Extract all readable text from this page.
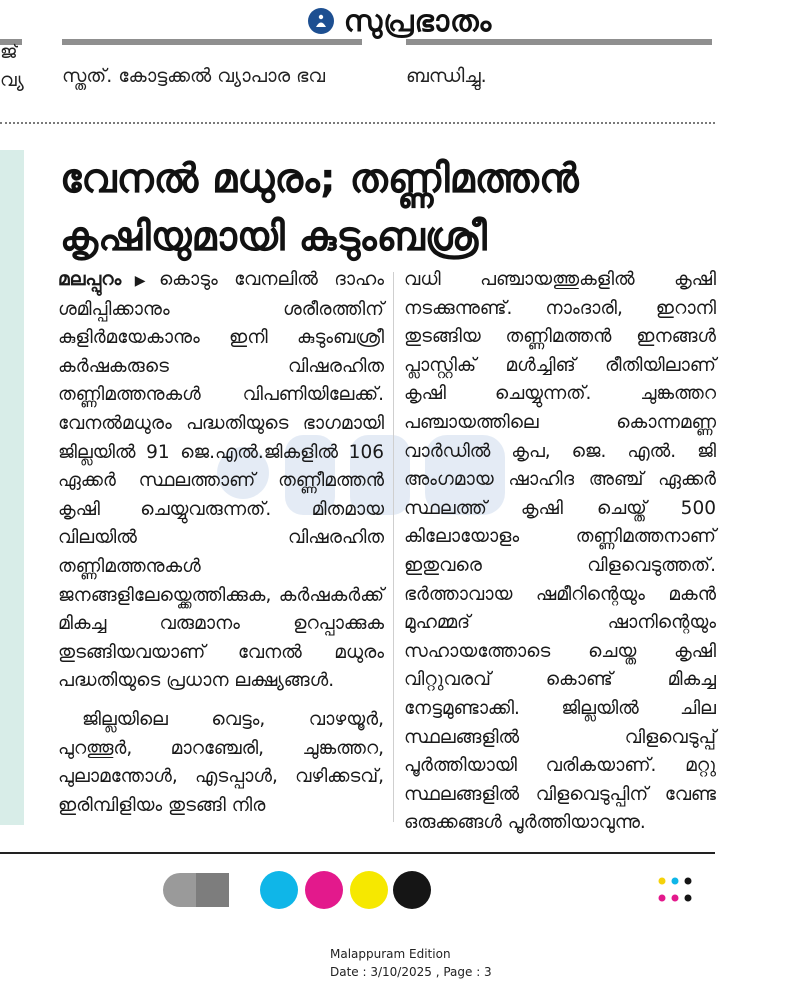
സുപ്രഭാതം
ജ്
വ്യ സ്തത്. കോട്ടക്കൽ വ്യാപാര ഭവ	ബന്ധിച്ചു.
വേനൽ മധുരം; തണ്ണിമത്തൻ
കൃഷിയുമായി കുടുംബശ്രീ

മലപ്പുറം ▶ കൊടും വേനലിൽ ദാഹം ശമിപ്പിക്കാനും ശരീരത്തിന് കുളിർമയേകാനും ഇനി കുടുംബശ്രീ കർഷകരുടെ വിഷരഹിത തണ്ണിമത്തനുകൾ വിപണിയിലേക്ക്. വേനൽമധുരം പദ്ധതിയുടെ ഭാഗമായി ജില്ലയിൽ 91 ജെ.എൽ.ജികളിൽ 106 ഏക്കർ സ്ഥലത്താണ് തണ്ണീമത്തൻ കൃഷി ചെയ്യുവരുന്നത്. മിതമായ വിലയിൽ വിഷരഹിത തണ്ണിമത്തനുകൾ ജനങ്ങളിലേയ്ക്കെത്തിക്കുക, കർഷകർക്ക് മികച്ച വരുമാനം ഉറപ്പാക്കുക തുടങ്ങിയവയാണ് വേനൽ മധുരം പദ്ധതിയുടെ പ്രധാന ലക്ഷ്യങ്ങൾ.

ജില്ലയിലെ വെട്ടം, വാഴയൂർ, പുറത്തൂർ, മാറഞ്ചേരി, ചുങ്കത്തറ, പുലാമന്തോൾ, എടപ്പാൾ, വഴിക്കടവ്, ഇരിമ്പിളിയം തുടങ്ങി നിര

വധി പഞ്ചായത്തുകളിൽ കൃഷി നടക്കുന്നുണ്ട്. നാംദാരി, ഇറാനി തുടങ്ങിയ തണ്ണിമത്തൻ ഇനങ്ങൾ പ്ലാസ്റ്റിക് മൾച്ചിങ് രീതിയിലാണ് കൃഷി ചെയ്യുന്നത്. ചുങ്കത്തറ പഞ്ചായത്തിലെ കൊന്നമണ്ണ വാർഡിൽ കൃപ, ജെ. എൽ. ജി അംഗമായ ഷാഹിദ അഞ്ച് ഏക്കർ സ്ഥലത്ത് കൃഷി ചെയ്ത് 500 കിലോയോളം തണ്ണിമത്തനാണ് ഇതുവരെ വിളവെടുത്തത്. ഭർത്താവായ ഷമീറിന്റെയും മകൻ മുഹമ്മദ് ഷാനിന്റെയും സഹായത്തോടെ ചെയ്ത കൃഷി വിറ്റുവരവ് കൊണ്ട് മികച്ച നേട്ടമുണ്ടാക്കി. ജില്ലയിൽ ചില സ്ഥലങ്ങളിൽ വിളവെടുപ്പ് പൂർത്തിയായി വരികയാണ്. മറ്റു സ്ഥലങ്ങളിൽ വിളവെടുപ്പിന് വേണ്ട ഒരുക്കങ്ങൾ പൂർത്തിയാവുന്നു.

Malappuram Edition
Date : 3/10/2025 , Page : 3
